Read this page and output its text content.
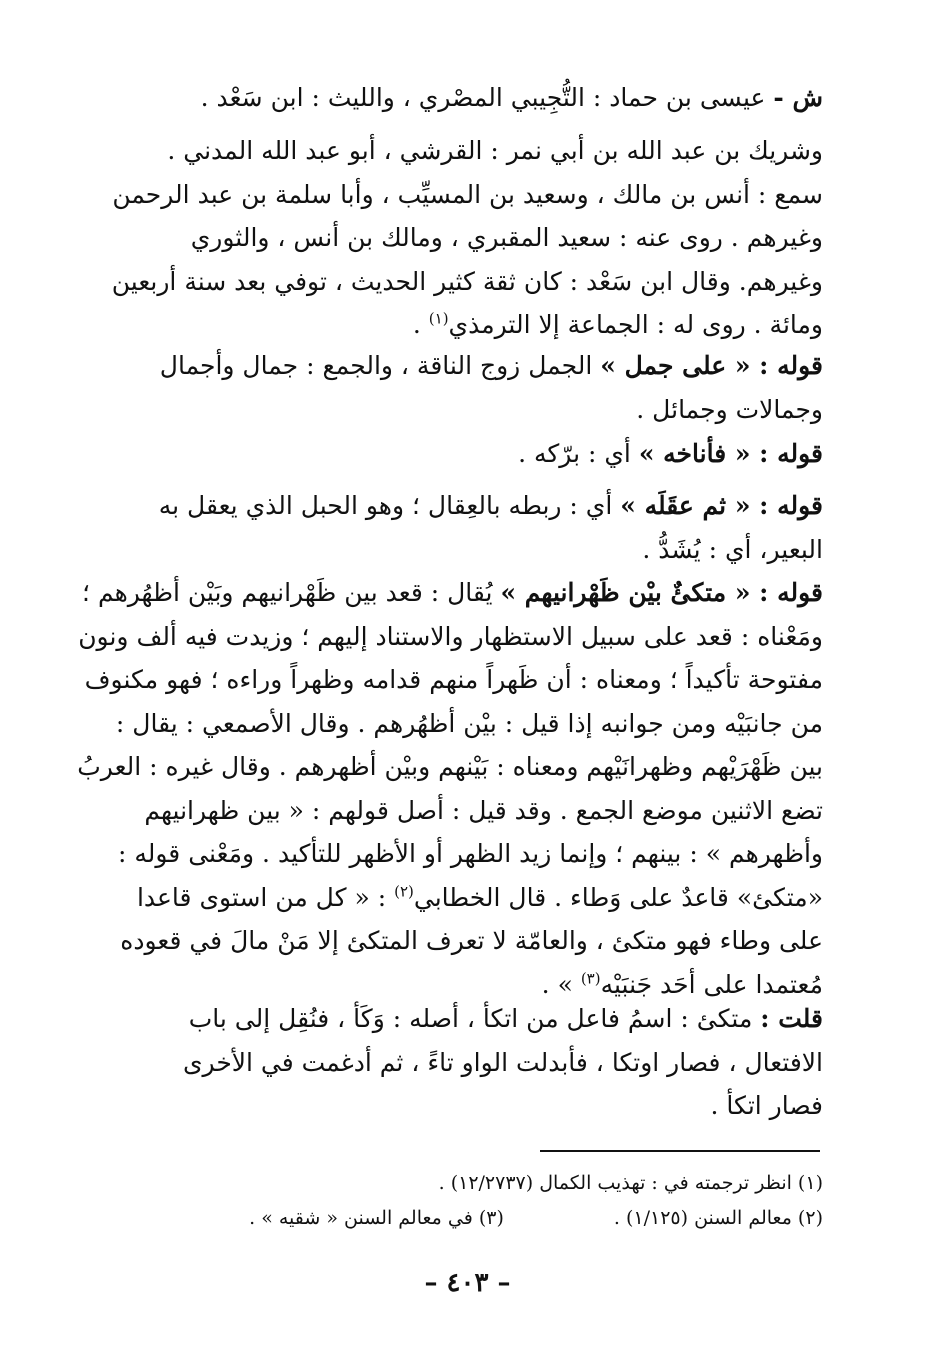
ش - عيسى بن حماد : التُّجِيبي المصْري ، والليث : ابن سَعْد .
وشريك بن عبد الله بن أبي نمر : القرشي ، أبو عبد الله المدني .
سمع : أنس بن مالك ، وسعيد بن المسيِّب ، وأبا سلمة بن عبد الرحمن
وغيرهم . روى عنه : سعيد المقبري ، ومالك بن أنس ، والثوري
وغيرهم. وقال ابن سَعْد : كان ثقة كثير الحديث ، توفي بعد سنة أربعين
ومائة . روى له : الجماعة إلا الترمذي$^{(١)}$ .
قوله : « على جمل » الجمل زوج الناقة ، والجمع : جمال وأجمال
وجمالات وجمائل .
قوله : « فأناخه » أي : برّكه .
قوله : « ثم عقَلَه » أي : ربطه بالعِقال ؛ وهو الحبل الذي يعقل به
البعير، أي : يُشَدُّ .
قوله : « متكئٌ بيْن ظَهْرانيهم » يُقال : قعد بين ظَهْرانيهم وبَيْن أظهُرهم ؛
ومَعْناه : قعد على سبيل الاستظهار والاستناد إليهم ؛ وزيدت فيه ألف ونون
مفتوحة تأكيداً ؛ ومعناه : أن ظَهراً منهم قدامه وظهراً وراءه ؛ فهو مكنوف
من جانبَيْه ومن جوانبه إذا قيل : بيْن أظهُرهم . وقال الأصمعي : يقال :
بين ظَهْرَيْهم وظهرانَيْهم ومعناه : بَيْنهم وبيْن أظهرهم . وقال غيره : العربُ
تضع الاثنين موضع الجمع . وقد قيل : أصل قولهم : « بين ظهرانيهم
وأظهرهم » : بينهم ؛ وإنما زيد الظهر أو الأظهر للتأكيد . ومَعْنى قوله :
«متكئ» قاعدٌ على وَطاء . قال الخطابي$^{(٢)}$ : « كل من استوى قاعدا
على وطاء فهو متكئ ، والعامّة لا تعرف المتكئ إلا مَنْ مالَ في قعوده
مُعتمدا على أحَد جَنبَيْه$^{(٣)}$ » .
قلت : متكئ : اسمُ فاعل من اتكأ ، أصله : وَكَأ ، فنُقِل إلى باب
الافتعال ، فصار اوتكا ، فأبدلت الواو تاءً ، ثم أدغمت في الأخرى
فصار اتكأ .
(١) انظر ترجمته في : تهذيب الكمال (١٢/٢٧٣٧) .
(٢) معالم السنن (١/١٢٥) .(٣) في معالم السنن « شقيه » .
– ٤٠٣ –
